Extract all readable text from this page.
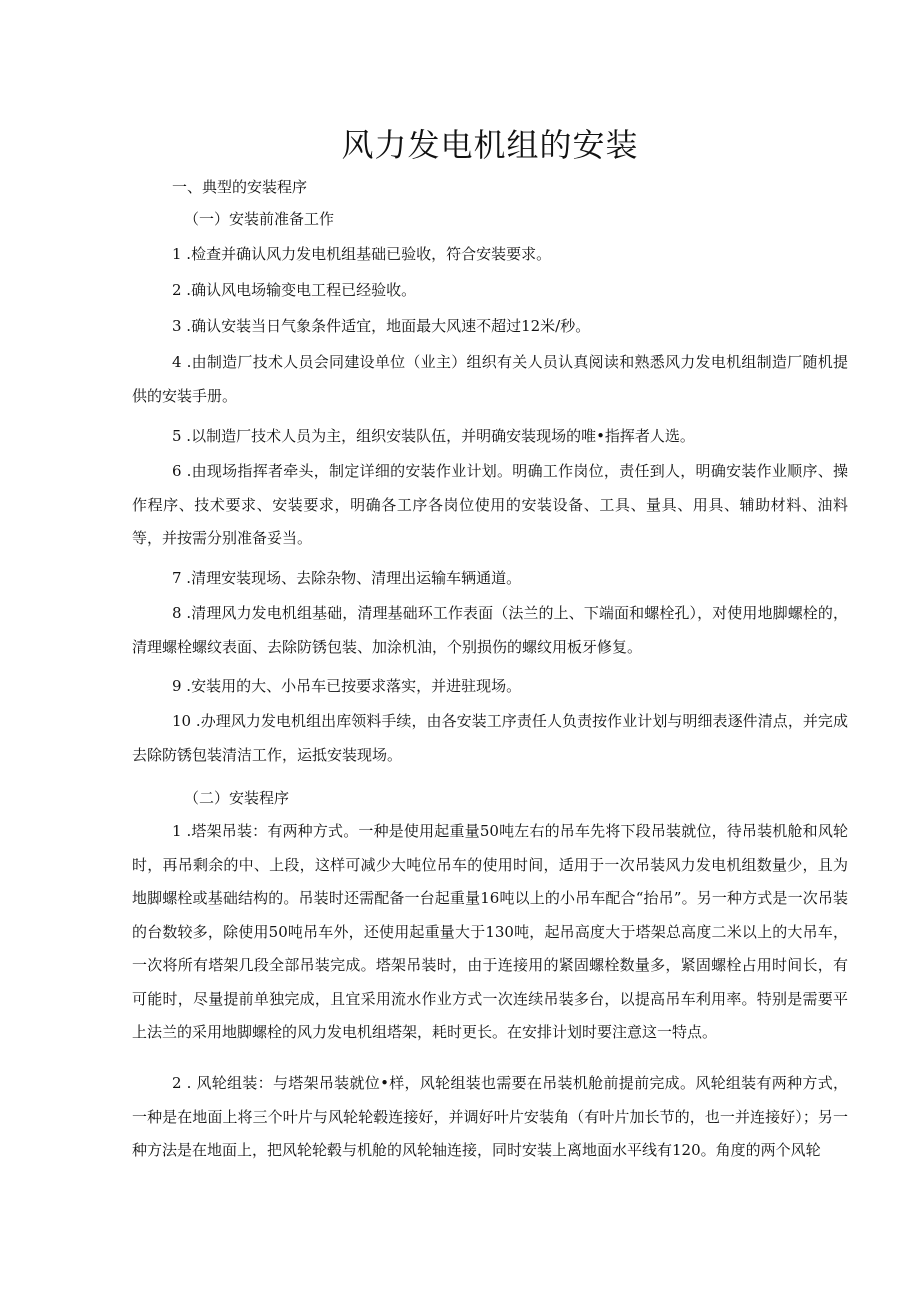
风力发电机组的安装
一、典型的安装程序
（一）安装前准备工作

1 .检查并确认风力发电机组基础已验收，符合安装要求。

2 .确认风电场输变电工程已经验收。

3 .确认安装当日气象条件适宜，地面最大风速不超过12米/秒。

4 .由制造厂技术人员会同建设单位（业主）组织有关人员认真阅读和熟悉风力发电机组制造厂随机提供的安装手册。

5 .以制造厂技术人员为主，组织安装队伍，并明确安装现场的唯•指挥者人选。

6 .由现场指挥者牵头，制定详细的安装作业计划。明确工作岗位，责任到人，明确安装作业顺序、操作程序、技术要求、安装要求，明确各工序各岗位使用的安装设备、工具、量具、用具、辅助材料、油料等，并按需分别准备妥当。

7 .清理安装现场、去除杂物、清理出运输车辆通道。

8 .清理风力发电机组基础，清理基础环工作表面（法兰的上、下端面和螺栓孔），对使用地脚螺栓的，清理螺栓螺纹表面、去除防锈包装、加涂机油，个别损伤的螺纹用板牙修复。

9 .安装用的大、小吊车已按要求落实，并进驻现场。

10 .办理风力发电机组出库领料手续，由各安装工序责任人负责按作业计划与明细表逐件清点，并完成去除防锈包装清洁工作，运抵安装现场。

（二）安装程序

1 .塔架吊装：有两种方式。一种是使用起重量50吨左右的吊车先将下段吊装就位，待吊装机舱和风轮时，再吊剩余的中、上段，这样可减少大吨位吊车的使用时间，适用于一次吊装风力发电机组数量少，且为地脚螺栓或基础结构的。吊装时还需配备一台起重量16吨以上的小吊车配合“抬吊”。另一种方式是一次吊装的台数较多，除使用50吨吊车外，还使用起重量大于130吨，起吊高度大于塔架总高度二米以上的大吊车，一次将所有塔架几段全部吊装完成。塔架吊装时，由于连接用的紧固螺栓数量多，紧固螺栓占用时间长，有可能时，尽量提前单独完成，且宜采用流水作业方式一次连续吊装多台，以提高吊车利用率。特别是需要平上法兰的采用地脚螺栓的风力发电机组塔架，耗时更长。在安排计划时要注意这一特点。

2 . 风轮组装：与塔架吊装就位•样，风轮组装也需要在吊装机舱前提前完成。风轮组装有两种方式，一种是在地面上将三个叶片与风轮轮毂连接好，并调好叶片安装角（有叶片加长节的，也一并连接好）；另一种方法是在地面上，把风轮轮毂与机舱的风轮轴连接，同时安装上离地面水平线有120。角度的两个风轮
